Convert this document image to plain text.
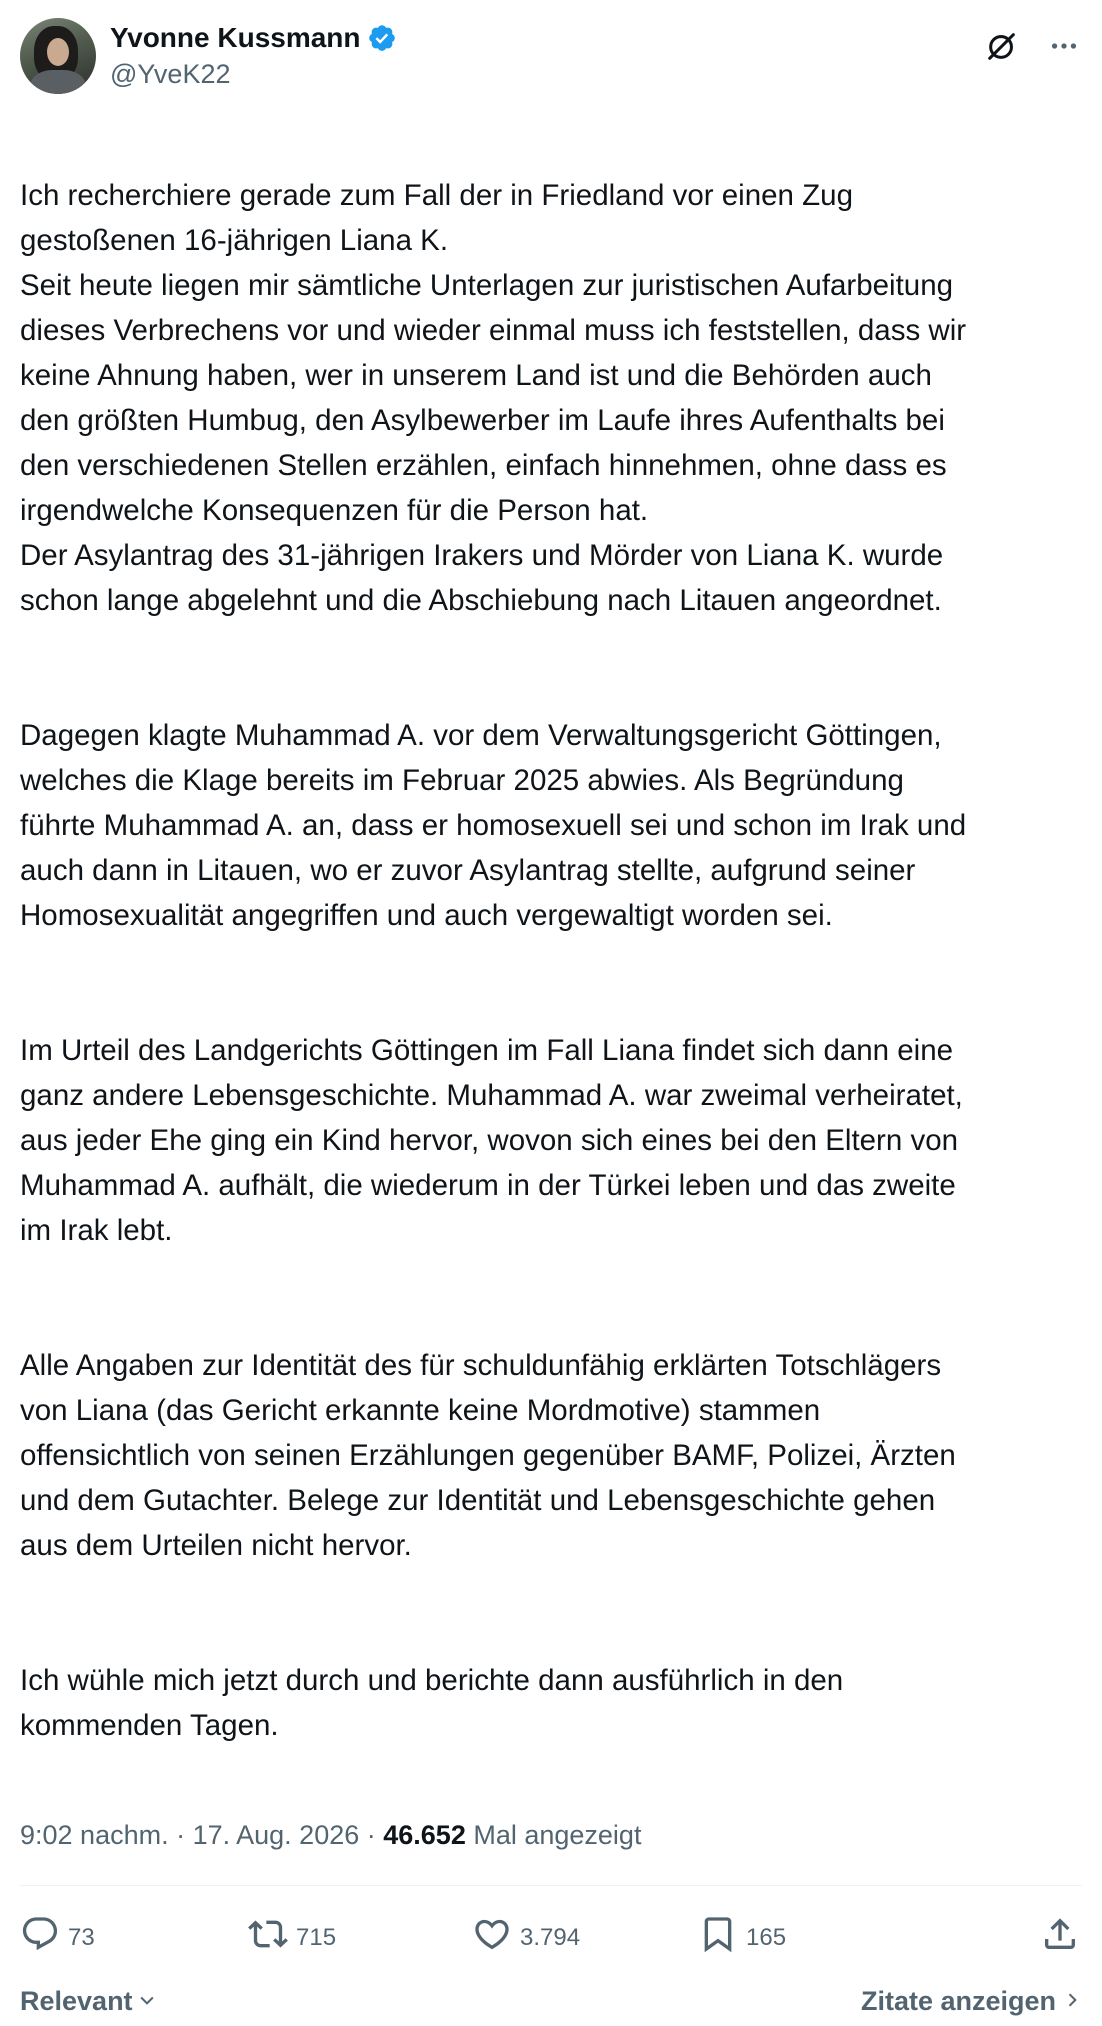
Yvonne Kussmann
@YveK22

Ich recherchiere gerade zum Fall der in Friedland vor einen Zug
gestoßenen 16-jährigen Liana K.
Seit heute liegen mir sämtliche Unterlagen zur juristischen Aufarbeitung
dieses Verbrechens vor und wieder einmal muss ich feststellen, dass wir
keine Ahnung haben, wer in unserem Land ist und die Behörden auch
den größten Humbug, den Asylbewerber im Laufe ihres Aufenthalts bei
den verschiedenen Stellen erzählen, einfach hinnehmen, ohne dass es
irgendwelche Konsequenzen für die Person hat.
Der Asylantrag des 31-jährigen Irakers und Mörder von Liana K. wurde
schon lange abgelehnt und die Abschiebung nach Litauen angeordnet.

Dagegen klagte Muhammad A. vor dem Verwaltungsgericht Göttingen,
welches die Klage bereits im Februar 2025 abwies. Als Begründung
führte Muhammad A. an, dass er homosexuell sei und schon im Irak und
auch dann in Litauen, wo er zuvor Asylantrag stellte, aufgrund seiner
Homosexualität angegriffen und auch vergewaltigt worden sei.

Im Urteil des Landgerichts Göttingen im Fall Liana findet sich dann eine
ganz andere Lebensgeschichte. Muhammad A. war zweimal verheiratet,
aus jeder Ehe ging ein Kind hervor, wovon sich eines bei den Eltern von
Muhammad A. aufhält, die wiederum in der Türkei leben und das zweite
im Irak lebt.

Alle Angaben zur Identität des für schuldunfähig erklärten Totschlägers
von Liana (das Gericht erkannte keine Mordmotive) stammen
offensichtlich von seinen Erzählungen gegenüber BAMF, Polizei, Ärzten
und dem Gutachter. Belege zur Identität und Lebensgeschichte gehen
aus dem Urteilen nicht hervor.

Ich wühle mich jetzt durch und berichte dann ausführlich in den
kommenden Tagen.

9:02 nachm. · 17. Aug. 2026 · 46.652 Mal angezeigt
73	715	3.794	165
Relevant	Zitate anzeigen
